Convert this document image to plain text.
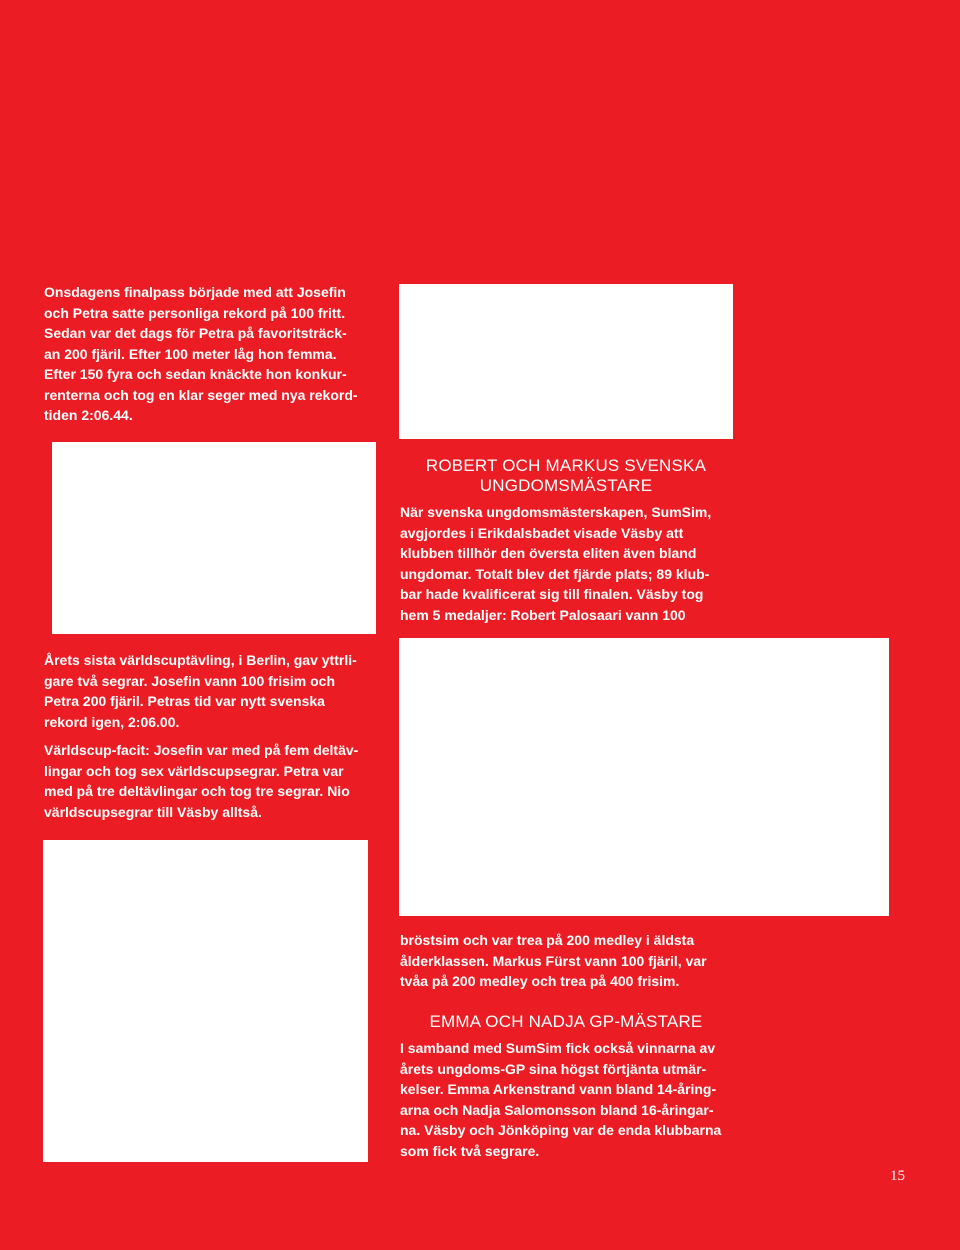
Onsdagens finalpass började med att Josefin

och Petra satte personliga rekord på 100 fritt.

Sedan var det dags för Petra på favoritsträck-

an 200 fjäril. Efter 100 meter låg hon femma.

Efter 150 fyra och sedan knäckte hon konkur-

renterna och tog en klar seger med nya rekord-

tiden 2:06.44.

Årets sista världscuptävling, i Berlin, gav yttrli-

gare två segrar. Josefin vann 100 frisim och

Petra 200 fjäril. Petras tid var nytt svenska

rekord igen, 2:06.00.

Världscup-facit: Josefin var med på fem deltäv-

lingar och tog sex världscupsegrar. Petra var

med på tre deltävlingar och tog tre segrar. Nio

världscupsegrar till Väsby alltså.

ROBERT OCH MARKUS SVENSKA
UNGDOMSMÄSTARE

När svenska ungdomsmästerskapen, SumSim,

avgjordes i Erikdalsbadet visade Väsby att

klubben tillhör den översta eliten även bland

ungdomar. Totalt blev det fjärde plats; 89 klub-

bar hade kvalificerat sig till finalen. Väsby tog

hem 5 medaljer: Robert Palosaari vann 100

bröstsim och var trea på 200 medley i äldsta

ålderklassen. Markus Fürst vann 100 fjäril, var

tvåa på 200 medley och trea på 400 frisim.

EMMA OCH NADJA GP-MÄSTARE

I samband med SumSim fick också vinnarna av

årets ungdoms-GP sina högst förtjänta utmär-

kelser. Emma Arkenstrand vann bland 14-åring-

arna och Nadja Salomonsson bland 16-åringar-

na. Väsby och Jönköping var de enda klubbarna

som fick två segrare.

15
